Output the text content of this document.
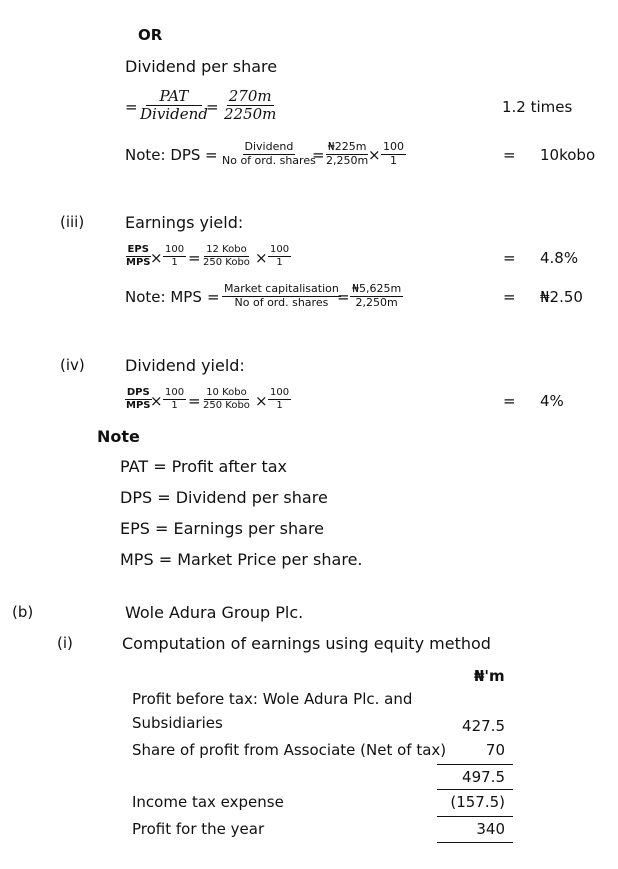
OR
Dividend per share
=
PAT
Dividend
= $\frac{270m}{2250m}$	1.2 times
Note: DPS = Dividend
No of ord. shares
= $\frac{₦225m}{2,250m}$
× $\frac{100}{1}$	= 10kobo
(iii)	Earnings yield:
EPS
MPS × $\frac{100}{1} = 12$ Kobo
250 Kobo × $\frac{100}{1}$	= 4.8%
Note: MPS = Market capitalisation
No of ord. shares = $\frac{₦5,625m}{2,250m}$	= ₦2.50
(iv)	Dividend yield:
DPS
MPS × $\frac{100}{1} = 10$ Kobo
250 Kobo × $\frac{100}{1}$	= 4%
Note
PAT = Profit after tax
DPS = Dividend per share
EPS = Earnings per share
MPS = Market Price per share.
(b)	Wole Adura Group Plc.
(i)	Computation of earnings using equity method
₦'m
Profit before tax: Wole Adura Plc. and
Subsidiaries	427.5
Share of profit from Associate (Net of tax)	70
497.5
Income tax expense	(157.5)
Profit for the year	340
